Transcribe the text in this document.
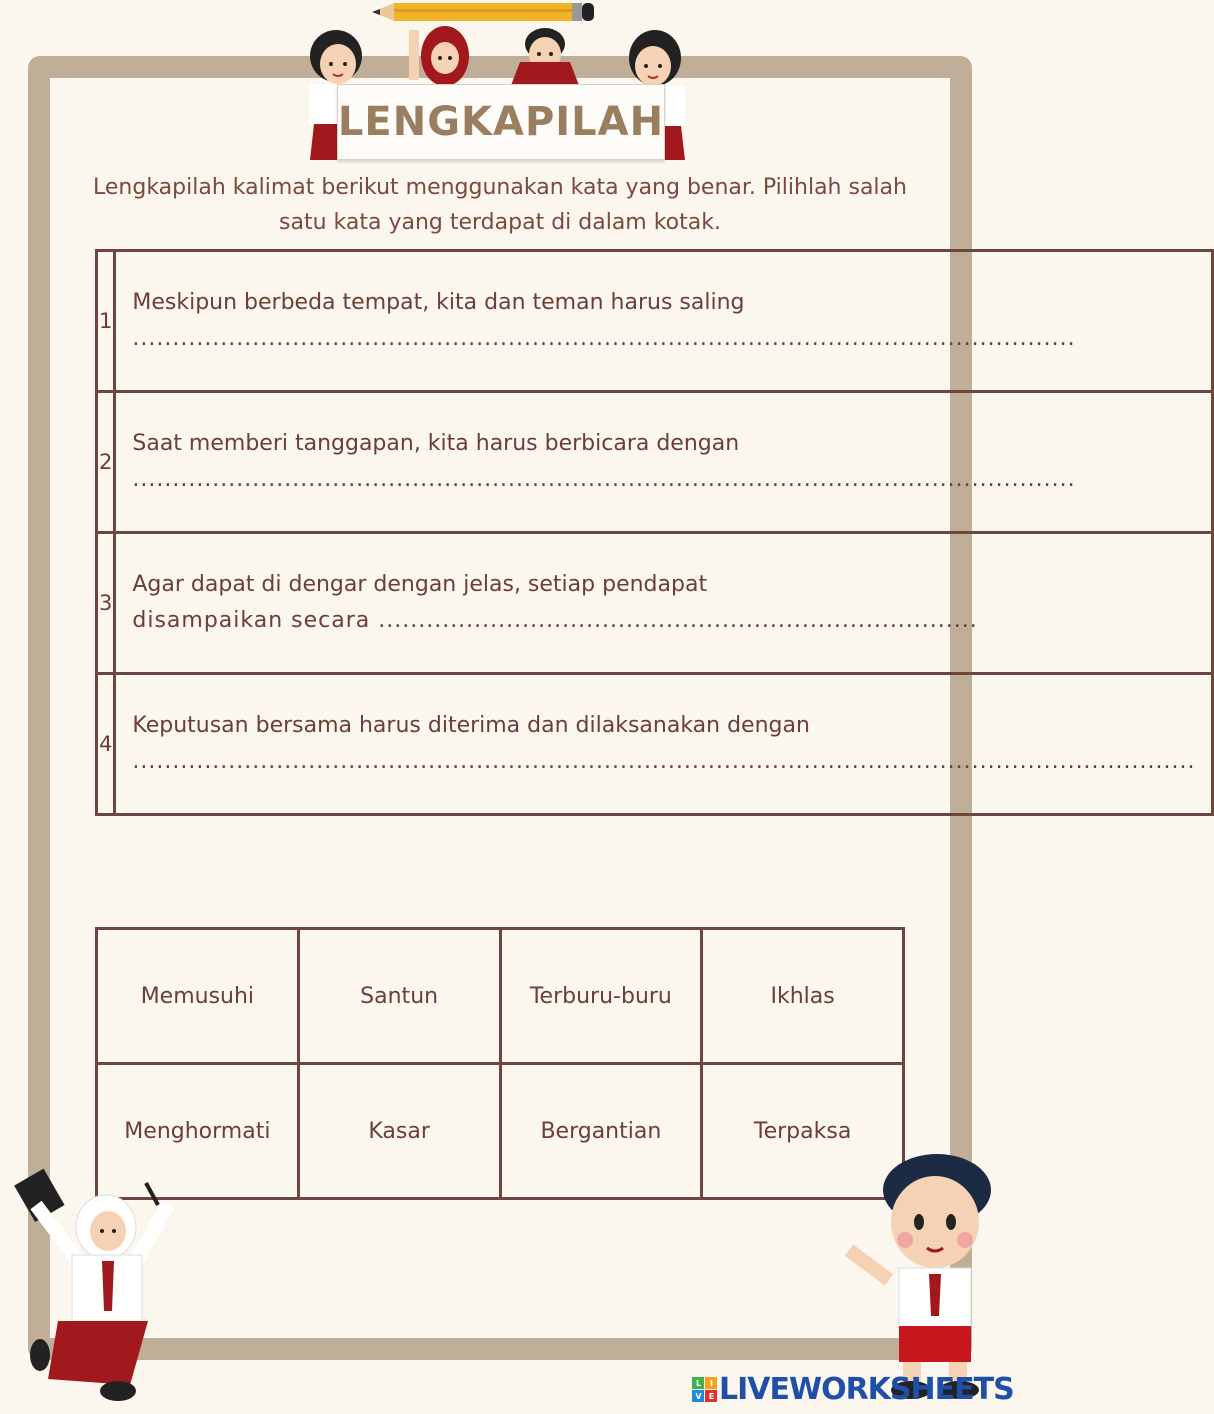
LENGKAPILAH
Lengkapilah kalimat berikut menggunakan kata yang benar. Pilihlah salah satu kata yang terdapat di dalam kotak.
1	Meskipun berbeda tempat, kita dan teman harus saling
......................................................................................................................

2	Saat memberi tanggapan, kita harus berbicara dengan
......................................................................................................................

3	Agar dapat di dengar dengan jelas, setiap pendapat
disampaikan secara ...........................................................................

4	Keputusan bersama harus diterima dan dilaksanakan dengan
.....................................................................................................................................
Memusuhi	Santun	Terburu-buru	Ikhlas
Menghormati	Kasar	Bergantian	Terpaksa
L	I
V	E LIVEWORKSHEETS
